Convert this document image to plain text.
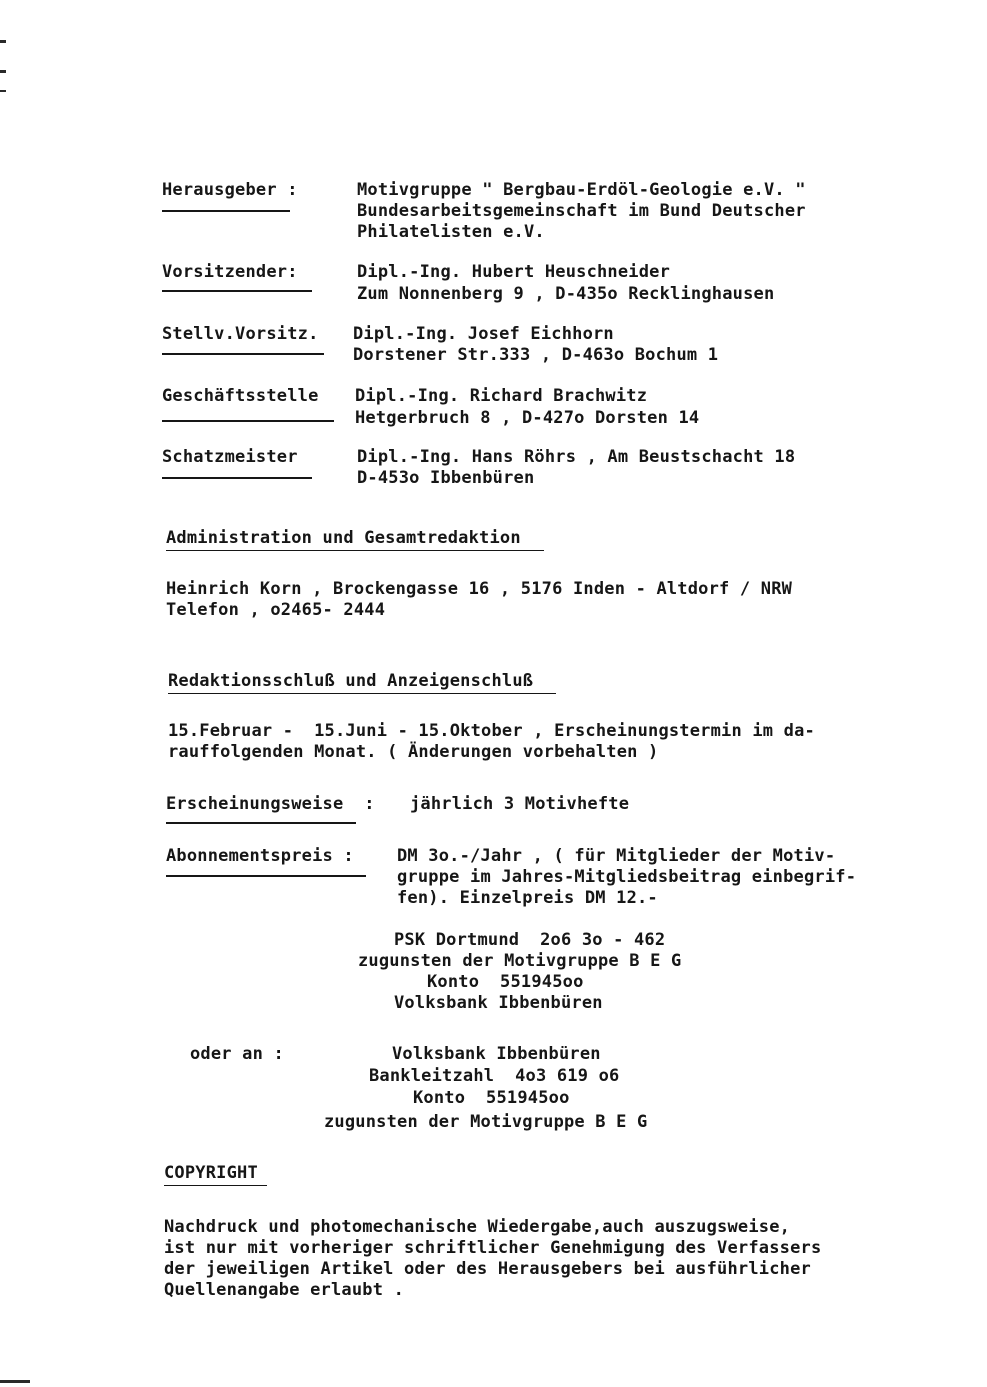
Herausgeber :	Motivgruppe " Bergbau-Erdöl-Geologie e.V. "
Bundesarbeitsgemeinschaft im Bund Deutscher
Philatelisten e.V.
Vorsitzender:	Dipl.-Ing. Hubert Heuschneider
Zum Nonnenberg 9 , D-435o Recklinghausen
Stellv.Vorsitz. Dipl.-Ing. Josef Eichhorn
Dorstener Str.333 , D-463o Bochum 1
Geschäftsstelle Dipl.-Ing. Richard Brachwitz
Hetgerbruch 8 , D-427o Dorsten 14
Schatzmeister	Dipl.-Ing. Hans Röhrs , Am Beustschacht 18
D-453o Ibbenbüren
Administration und Gesamtredaktion
Heinrich Korn , Brockengasse 16 , 5176 Inden - Altdorf / NRW
Telefon , o2465- 2444
Redaktionsschluß und Anzeigenschluß
15.Februar -  15.Juni - 15.Oktober , Erscheinungstermin im da-
rauffolgenden Monat. ( Änderungen vorbehalten )
Erscheinungsweise  : jährlich 3 Motivhefte
Abonnementspreis :	DM 3o.-/Jahr , ( für Mitglieder der Motiv-
gruppe im Jahres-Mitgliedsbeitrag einbegrif-
fen). Einzelpreis DM 12.-
PSK Dortmund  2o6 3o - 462
zugunsten der Motivgruppe B E G
Konto  551945oo
Volksbank Ibbenbüren
oder an :	Volksbank Ibbenbüren
Bankleitzahl  4o3 619 o6
Konto  551945oo
zugunsten der Motivgruppe B E G
COPYRIGHT
Nachdruck und photomechanische Wiedergabe,auch auszugsweise,
ist nur mit vorheriger schriftlicher Genehmigung des Verfassers
der jeweiligen Artikel oder des Herausgebers bei ausführlicher
Quellenangabe erlaubt .
